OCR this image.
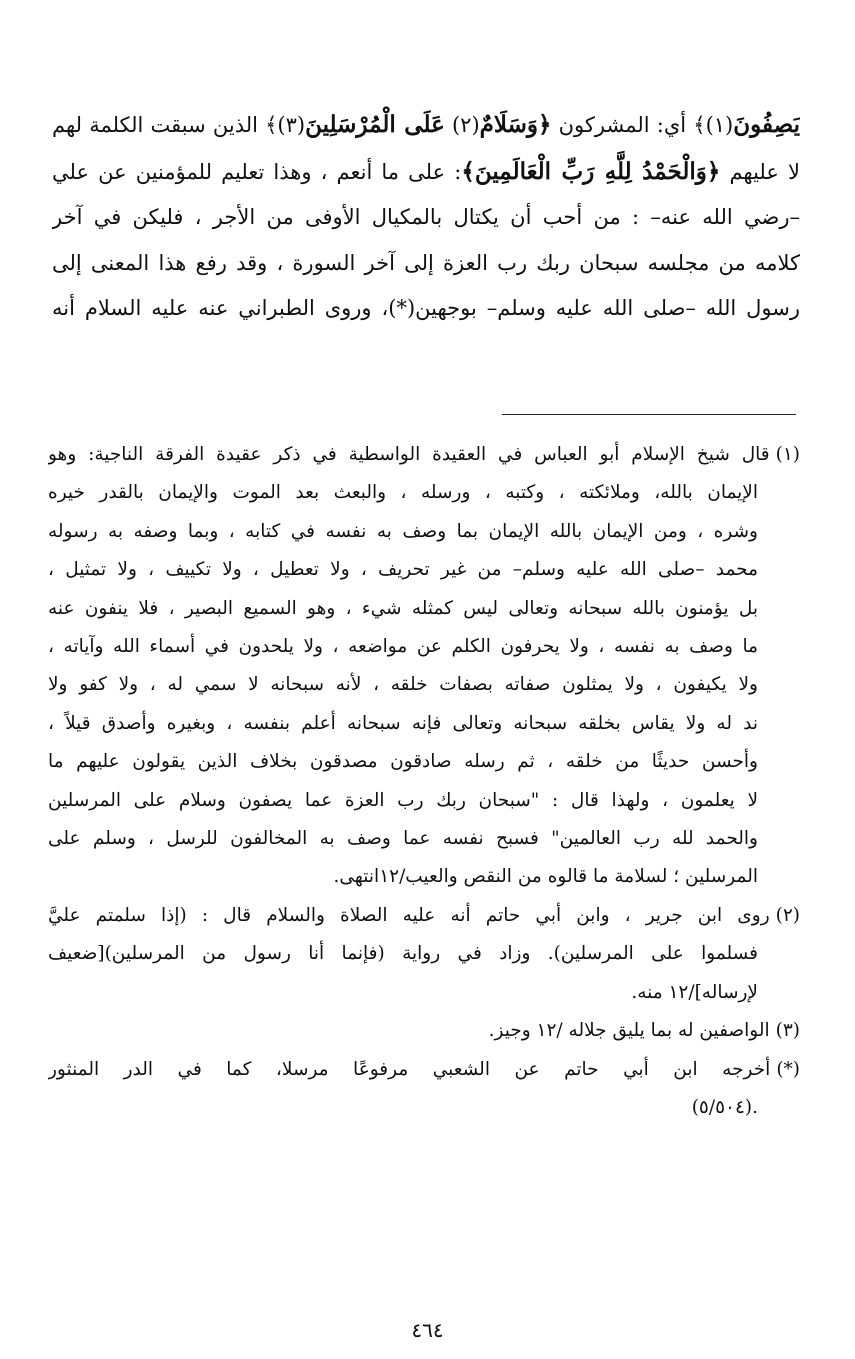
يَصِفُونَ(١)﴾ أي: المشركون ﴿وَسَلَامٌ(٢) عَلَى الْمُرْسَلِينَ(٣)﴾ الذين سبقت الكلمة لهم
لا عليهم ﴿وَالْحَمْدُ لِلَّهِ رَبِّ الْعَالَمِينَ﴾: على ما أنعم ، وهذا تعليم للمؤمنين عن علي
–رضي الله عنه– : من أحب أن يكتال بالمكيال الأوفى من الأجر ، فليكن في آخر
كلامه من مجلسه سبحان ربك رب العزة إلى آخر السورة ، وقد رفع هذا المعنى إلى
رسول الله –صلى الله عليه وسلم– بوجهين(*)، وروى الطبراني عنه عليه السلام أنه
(١)قال شيخ الإسلام أبو العباس في العقيدة الواسطية في ذكر عقيدة الفرقة الناجية: وهو
الإيمان بالله، وملائكته ، وكتبه ، ورسله ، والبعث بعد الموت والإيمان بالقدر خيره
وشره ، ومن الإيمان بالله الإيمان بما وصف به نفسه في كتابه ، وبما وصفه به رسوله
محمد –صلى الله عليه وسلم– من غير تحريف ، ولا تعطيل ، ولا تكييف ، ولا تمثيل ،
بل يؤمنون بالله سبحانه وتعالى ليس كمثله شيء ، وهو السميع البصير ، فلا ينفون عنه
ما وصف به نفسه ، ولا يحرفون الكلم عن مواضعه ، ولا يلحدون في أسماء الله وآياته ،
ولا يكيفون ، ولا يمثلون صفاته بصفات خلقه ، لأنه سبحانه لا سمي له ، ولا كفو ولا
ند له ولا يقاس بخلقه سبحانه وتعالى فإنه سبحانه أعلم بنفسه ، وبغيره وأصدق قيلاً ،
وأحسن حديثًا من خلقه ، ثم رسله صادقون مصدقون بخلاف الذين يقولون عليهم ما
لا يعلمون ، ولهذا قال : "سبحان ربك رب العزة عما يصفون وسلام على المرسلين
والحمد لله رب العالمين" فسبح نفسه عما وصف به المخالفون للرسل ، وسلم على
المرسلين ؛ لسلامة ما قالوه من النقص والعيب/١٢انتهى.
(٢)روى ابن جرير ، وابن أبي حاتم أنه عليه الصلاة والسلام قال : (إذا سلمتم عليَّ
فسلموا على المرسلين). وزاد في رواية (فإنما أنا رسول من المرسلين)[ضعيف
لإرساله]/١٢ منه.
(٣)الواصفين له بما يليق جلاله /١٢ وجيز.
(*)أخرجه ابن أبي حاتم عن الشعبي مرفوعًا مرسلا، كما في الدر المنثور
.(٥/٥٠٤)
٤٦٤
